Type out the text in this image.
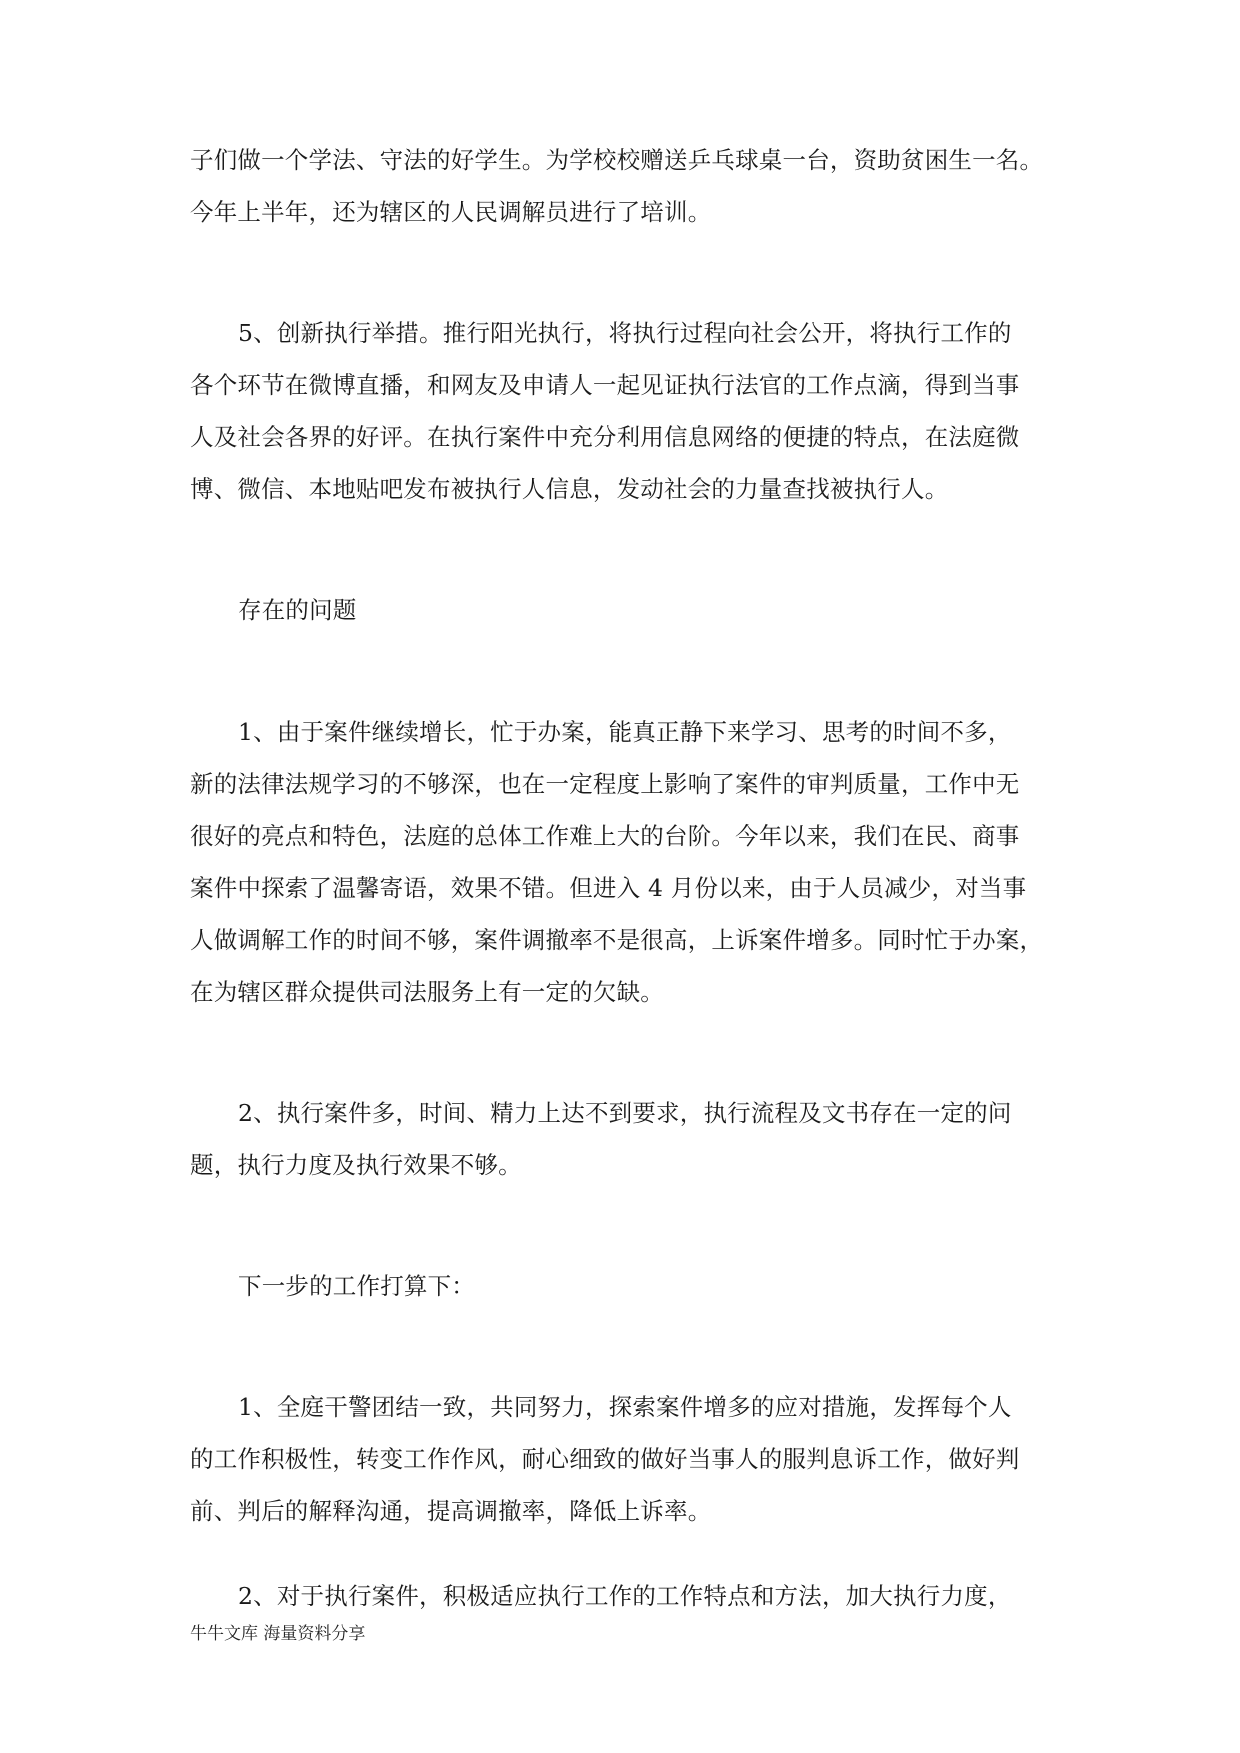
子们做一个学法、守法的好学生。为学校校赠送乒乓球桌一台，资助贫困生一名。
今年上半年，还为辖区的人民调解员进行了培训。
5、创新执行举措。推行阳光执行，将执行过程向社会公开，将执行工作的
各个环节在微博直播，和网友及申请人一起见证执行法官的工作点滴，得到当事
人及社会各界的好评。在执行案件中充分利用信息网络的便捷的特点，在法庭微
博、微信、本地贴吧发布被执行人信息，发动社会的力量查找被执行人。
存在的问题
1、由于案件继续增长，忙于办案，能真正静下来学习、思考的时间不多，
新的法律法规学习的不够深，也在一定程度上影响了案件的审判质量，工作中无
很好的亮点和特色，法庭的总体工作难上大的台阶。今年以来，我们在民、商事
案件中探索了温馨寄语，效果不错。但进入 4 月份以来，由于人员减少，对当事
人做调解工作的时间不够，案件调撤率不是很高，上诉案件增多。同时忙于办案，
在为辖区群众提供司法服务上有一定的欠缺。
2、执行案件多，时间、精力上达不到要求，执行流程及文书存在一定的问
题，执行力度及执行效果不够。
下一步的工作打算下：
1、全庭干警团结一致，共同努力，探索案件增多的应对措施，发挥每个人
的工作积极性，转变工作作风，耐心细致的做好当事人的服判息诉工作，做好判
前、判后的解释沟通，提高调撤率，降低上诉率。
2、对于执行案件，积极适应执行工作的工作特点和方法，加大执行力度，
牛牛文库 海量资料分享
